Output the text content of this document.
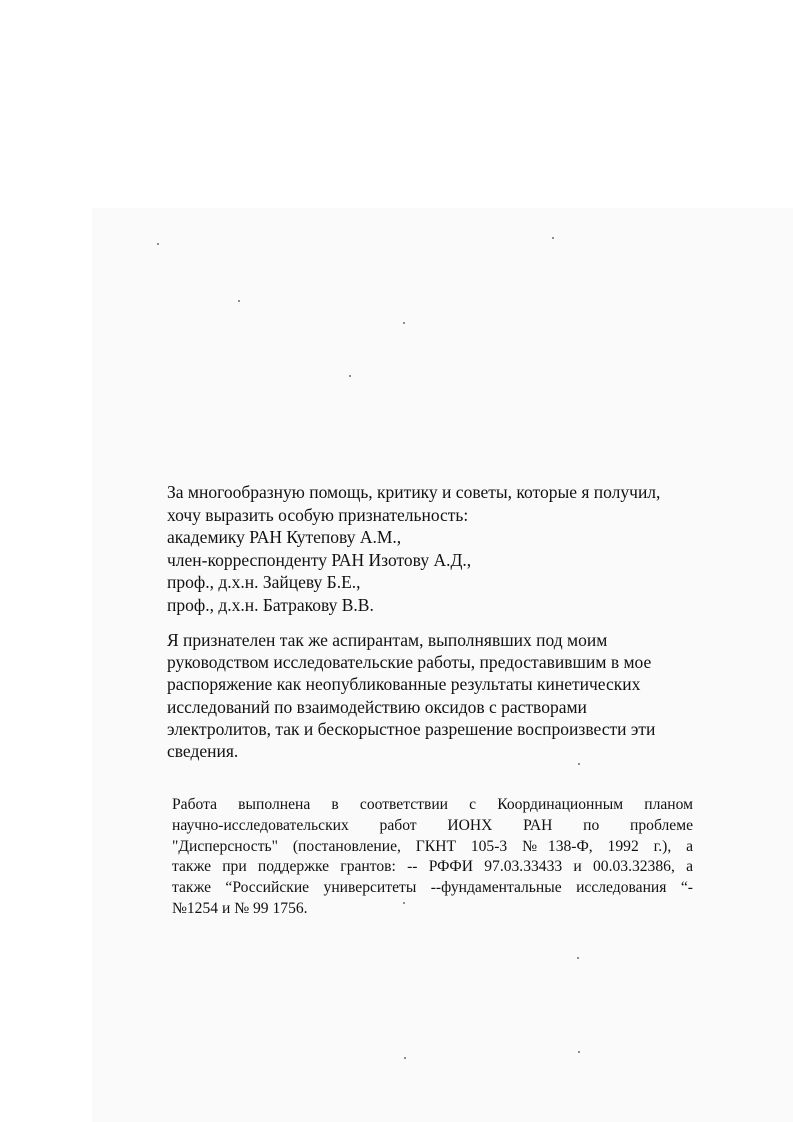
За многообразную помощь, критику и советы, которые я получил,
хочу выразить особую признательность:
академику РАН Кутепову А.М.,
член-корреспонденту РАН Изотову А.Д.,
проф., д.х.н. Зайцеву Б.Е.,
проф., д.х.н. Батракову В.В.
Я признателен так же аспирантам, выполнявших под моим
руководством исследовательские работы, предоставившим в мое
распоряжение как неопубликованные результаты кинетических
исследований по взаимодействию оксидов с растворами
электролитов, так и бескорыстное разрешение воспроизвести эти
сведения.
Работа выполнена в соответствии с Координационным планом
научно-исследовательских работ ИОНХ РАН по проблеме
"Дисперсность" (постановление, ГКНТ 105-3 №138-Ф, 1992 г.), а
также при поддержке грантов: -- РФФИ 97.03.33433 и 00.03.32386, а
также “Российские университеты --фундаментальные исследования “-
№1254 и № 99 1756.
